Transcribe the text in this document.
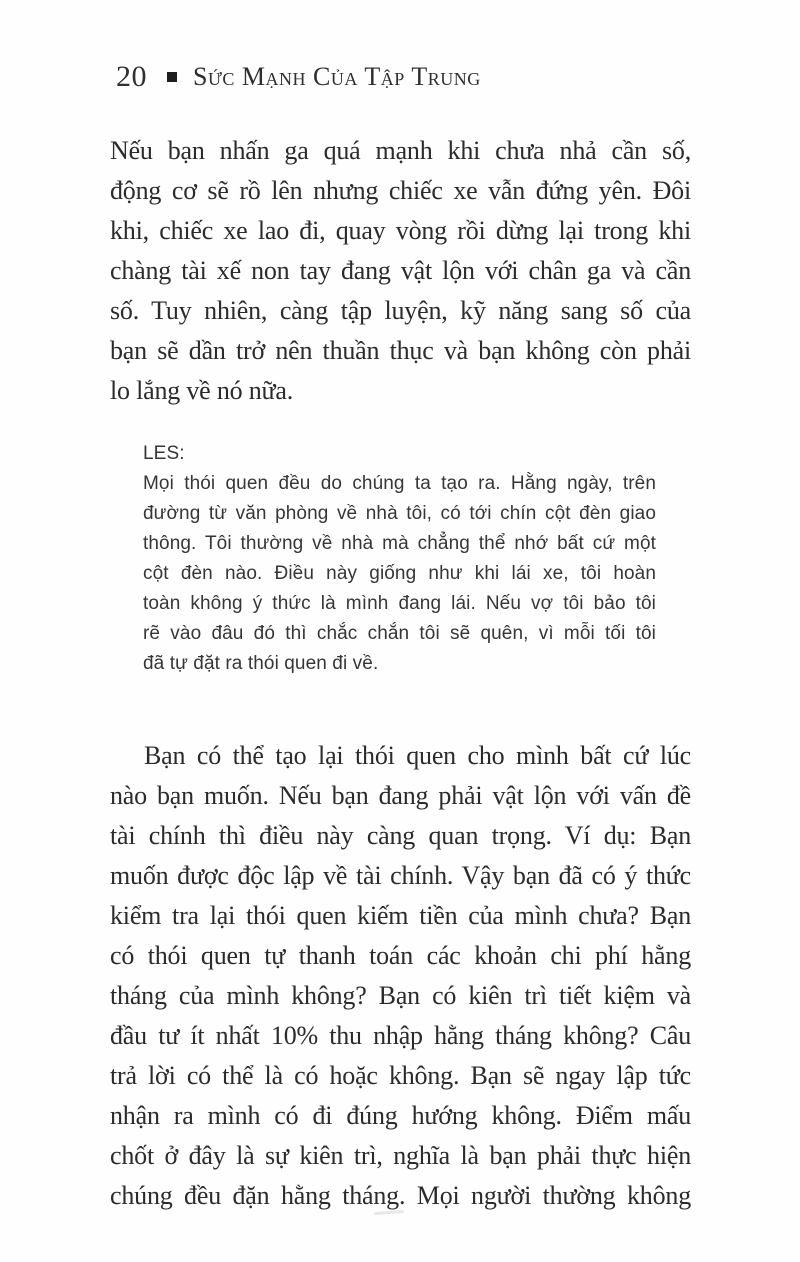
20 Sức Mạnh Của Tập Trung
Nếu bạn nhấn ga quá mạnh khi chưa nhả cần số,
động cơ sẽ rồ lên nhưng chiếc xe vẫn đứng yên. Đôi
khi, chiếc xe lao đi, quay vòng rồi dừng lại trong khi
chàng tài xế non tay đang vật lộn với chân ga và cần
số. Tuy nhiên, càng tập luyện, kỹ năng sang số của
bạn sẽ dần trở nên thuần thục và bạn không còn phải
lo lắng về nó nữa.
LES:
Mọi thói quen đều do chúng ta tạo ra. Hằng ngày, trên
đường từ văn phòng về nhà tôi, có tới chín cột đèn giao
thông. Tôi thường về nhà mà chẳng thể nhớ bất cứ một
cột đèn nào. Điều này giống như khi lái xe, tôi hoàn
toàn không ý thức là mình đang lái. Nếu vợ tôi bảo tôi
rẽ vào đâu đó thì chắc chắn tôi sẽ quên, vì mỗi tối tôi
đã tự đặt ra thói quen đi về.
Bạn có thể tạo lại thói quen cho mình bất cứ lúc
nào bạn muốn. Nếu bạn đang phải vật lộn với vấn đề
tài chính thì điều này càng quan trọng. Ví dụ: Bạn
muốn được độc lập về tài chính. Vậy bạn đã có ý thức
kiểm tra lại thói quen kiếm tiền của mình chưa? Bạn
có thói quen tự thanh toán các khoản chi phí hằng
tháng của mình không? Bạn có kiên trì tiết kiệm và
đầu tư ít nhất 10% thu nhập hằng tháng không? Câu
trả lời có thể là có hoặc không. Bạn sẽ ngay lập tức
nhận ra mình có đi đúng hướng không. Điểm mấu
chốt ở đây là sự kiên trì, nghĩa là bạn phải thực hiện
chúng đều đặn hằng tháng. Mọi người thường không
